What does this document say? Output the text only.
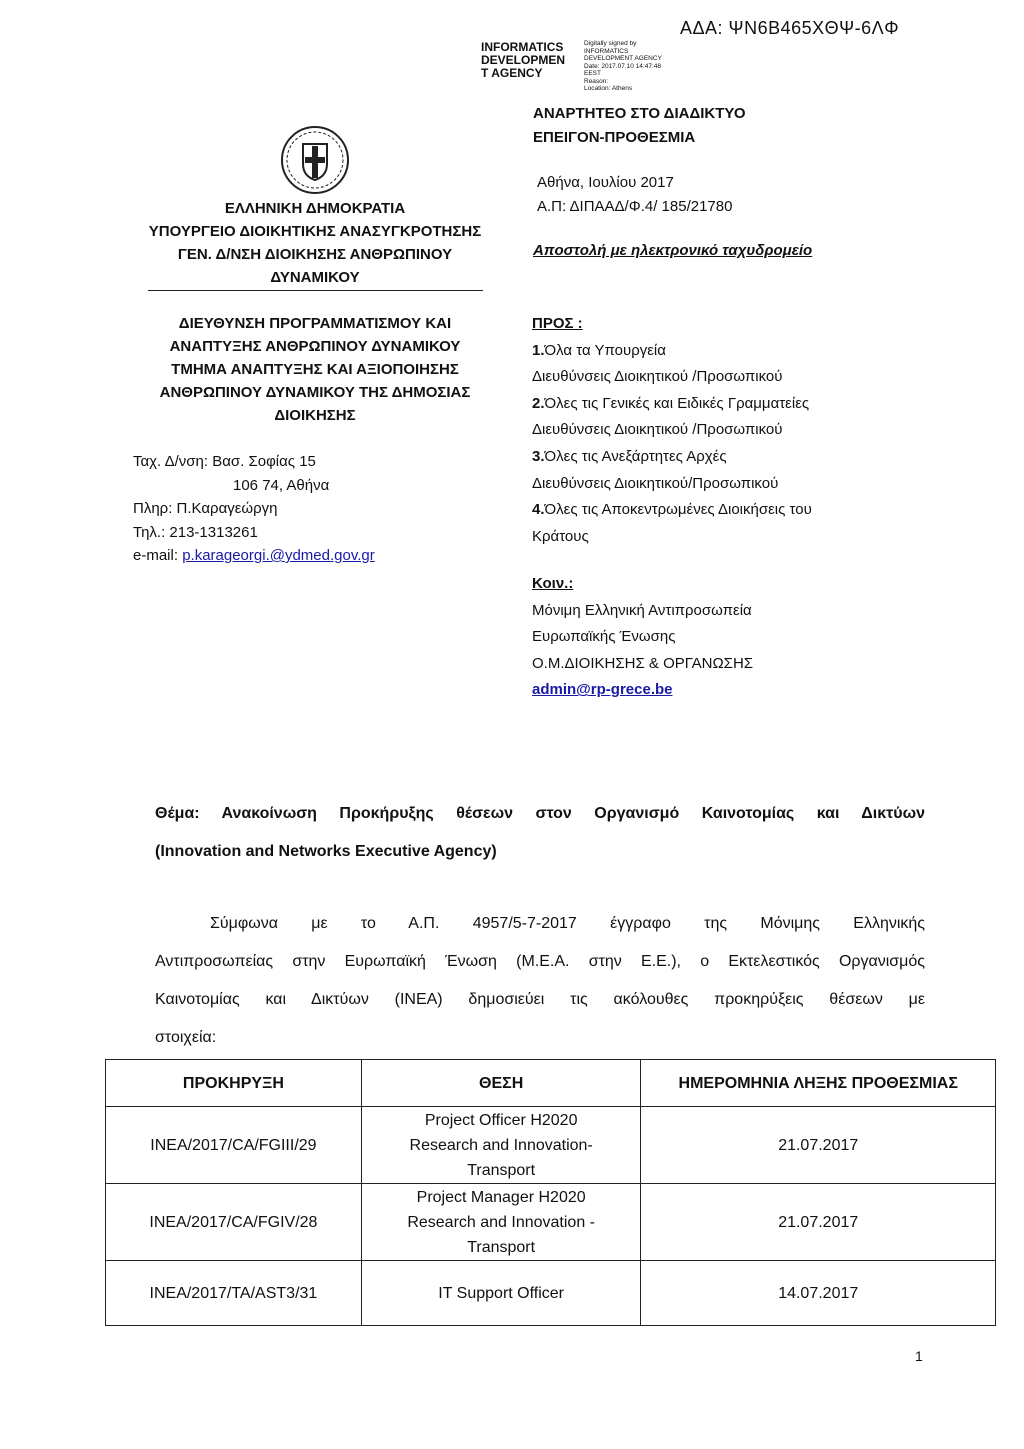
ΑΔΑ: ΨΝ6Β465ΧΘΨ-6ΛΦ
INFORMATICS
DEVELOPMEN
T AGENCY
Digitally signed by
INFORMATICS
DEVELOPMENT AGENCY
Date: 2017.07.10 14:47:48
EEST
Reason:
Location: Athens
ΑΝΑΡΤΗΤΕΟ ΣΤΟ ΔΙΑΔΙΚΤΥΟ
ΕΠΕΙΓΟΝ-ΠΡΟΘΕΣΜΙΑ
ΕΛΛΗΝΙΚΗ ΔΗΜΟΚΡΑΤΙΑ
ΥΠΟΥΡΓΕΙΟ ΔΙΟΙΚΗΤΙΚΗΣ ΑΝΑΣΥΓΚΡΟΤΗΣΗΣ
ΓΕΝ. Δ/ΝΣΗ ΔΙΟΙΚΗΣΗΣ ΑΝΘΡΩΠΙΝΟΥ
ΔΥΝΑΜΙΚΟΥ
ΔΙΕΥΘΥΝΣΗ ΠΡΟΓΡΑΜΜΑΤΙΣΜΟΥ ΚΑΙ
ΑΝΑΠΤΥΞΗΣ ΑΝΘΡΩΠΙΝΟΥ ΔΥΝΑΜΙΚΟΥ
ΤΜΗΜΑ ΑΝΑΠΤΥΞΗΣ ΚΑΙ ΑΞΙΟΠΟΙΗΣΗΣ
ΑΝΘΡΩΠΙΝΟΥ ΔΥΝΑΜΙΚΟΥ ΤΗΣ ΔΗΜΟΣΙΑΣ
ΔΙΟΙΚΗΣΗΣ
Αθήνα, Ιουλίου 2017
Α.Π: ΔΙΠΑΑΔ/Φ.4/ 185/21780
Αποστολή με ηλεκτρονικό ταχυδρομείο
Ταχ. Δ/νση: Βασ. Σοφίας 15
106 74, Αθήνα
Πληρ: Π.Καραγεώργη
Τηλ.: 213-1313261
e-mail: p.karageorgi.@ydmed.gov.gr
ΠΡΟΣ :
1.Όλα τα Υπουργεία
Διευθύνσεις Διοικητικού /Προσωπικού
2.Όλες τις Γενικές και Ειδικές Γραμματείες
Διευθύνσεις Διοικητικού /Προσωπικού
3.Όλες τις Ανεξάρτητες Αρχές
Διευθύνσεις Διοικητικού/Προσωπικού
4.Όλες τις Αποκεντρωμένες Διοικήσεις του
Κράτους
Κοιν.:
Μόνιμη Ελληνική Αντιπροσωπεία
Ευρωπαϊκής Ένωσης
Ο.Μ.ΔΙΟΙΚΗΣΗΣ & ΟΡΓΑΝΩΣΗΣ
admin@rp-grece.be
Θέμα: Ανακοίνωση Προκήρυξης θέσεων στον Οργανισμό Καινοτομίας και Δικτύων
(Innovation and Networks Executive Agency)
Σύμφωνα με το Α.Π. 4957/5-7-2017 έγγραφο της Μόνιμης Ελληνικής
Αντιπροσωπείας στην Ευρωπαϊκή Ένωση (Μ.Ε.Α. στην Ε.Ε.), ο Εκτελεστικός Οργανισμός
Καινοτομίας και Δικτύων (INEA) δημοσιεύει τις ακόλουθες προκηρύξεις θέσεων με
στοιχεία:
ΠΡΟΚΗΡΥΞΗ	ΘΕΣΗ	ΗΜΕΡΟΜΗΝΙΑ ΛΗΞΗΣ ΠΡΟΘΕΣΜΙΑΣ
INEA/2017/CA/FGIII/29	Project Officer H2020
Research and Innovation-
Transport	21.07.2017
INEA/2017/CA/FGIV/28	Project Manager H2020
Research and Innovation -
Transport	21.07.2017
INEA/2017/TA/AST3/31	IT Support Officer	14.07.2017
1
